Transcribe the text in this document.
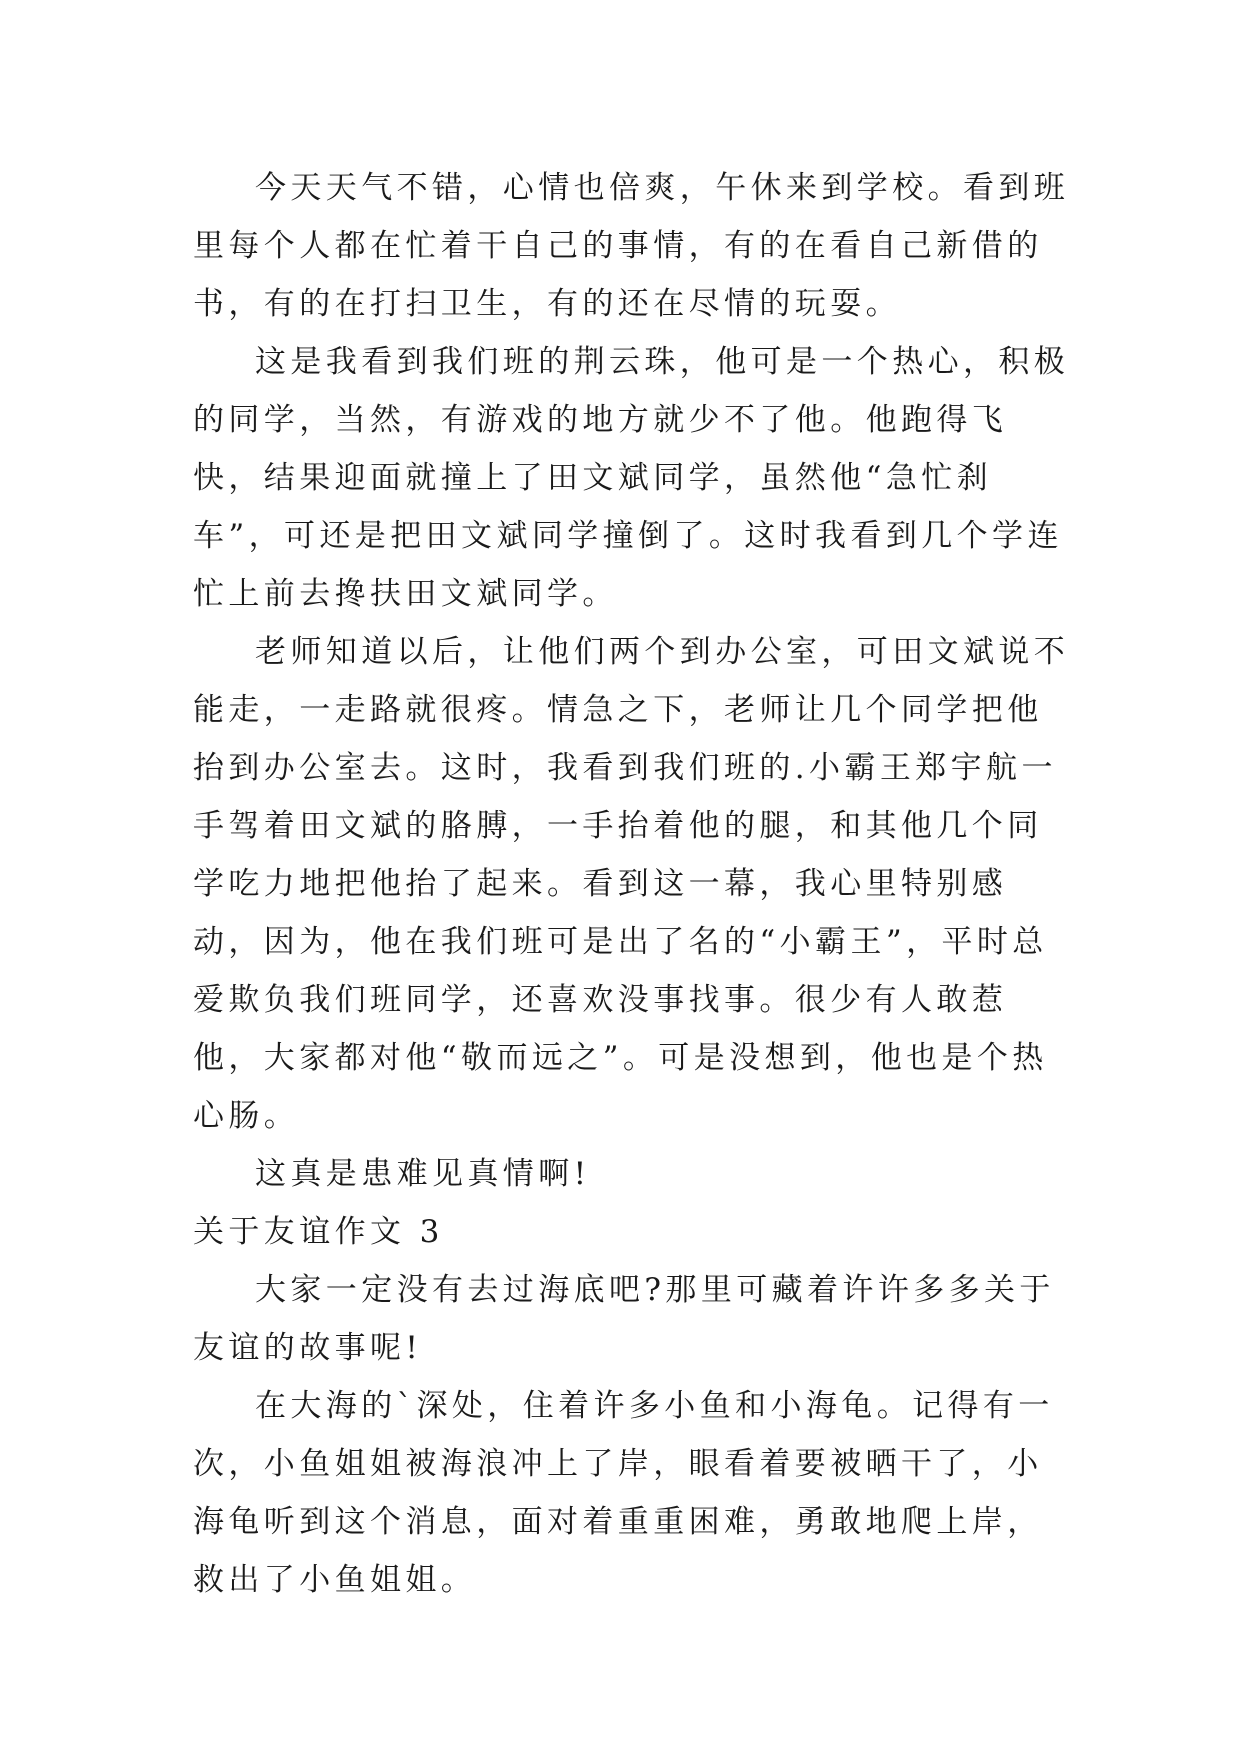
今天天气不错，心情也倍爽，午休来到学校。看到班里每个人都在忙着干自己的事情，有的在看自己新借的书，有的在打扫卫生，有的还在尽情的玩耍。

这是我看到我们班的荆云珠，他可是一个热心，积极的同学，当然，有游戏的地方就少不了他。他跑得飞快，结果迎面就撞上了田文斌同学，虽然他“急忙刹车”，可还是把田文斌同学撞倒了。这时我看到几个学连忙上前去搀扶田文斌同学。

老师知道以后，让他们两个到办公室，可田文斌说不能走，一走路就很疼。情急之下，老师让几个同学把他抬到办公室去。这时，我看到我们班的.小霸王郑宇航一手驾着田文斌的胳膊，一手抬着他的腿，和其他几个同学吃力地把他抬了起来。看到这一幕，我心里特别感动，因为，他在我们班可是出了名的“小霸王”，平时总爱欺负我们班同学，还喜欢没事找事。很少有人敢惹他，大家都对他“敬而远之”。可是没想到，他也是个热心肠。

这真是患难见真情啊!

关于友谊作文 3

大家一定没有去过海底吧?那里可藏着许许多多关于友谊的故事呢!

在大海的`深处，住着许多小鱼和小海龟。记得有一次，小鱼姐姐被海浪冲上了岸，眼看着要被晒干了，小海龟听到这个消息，面对着重重困难，勇敢地爬上岸，救出了小鱼姐姐。
